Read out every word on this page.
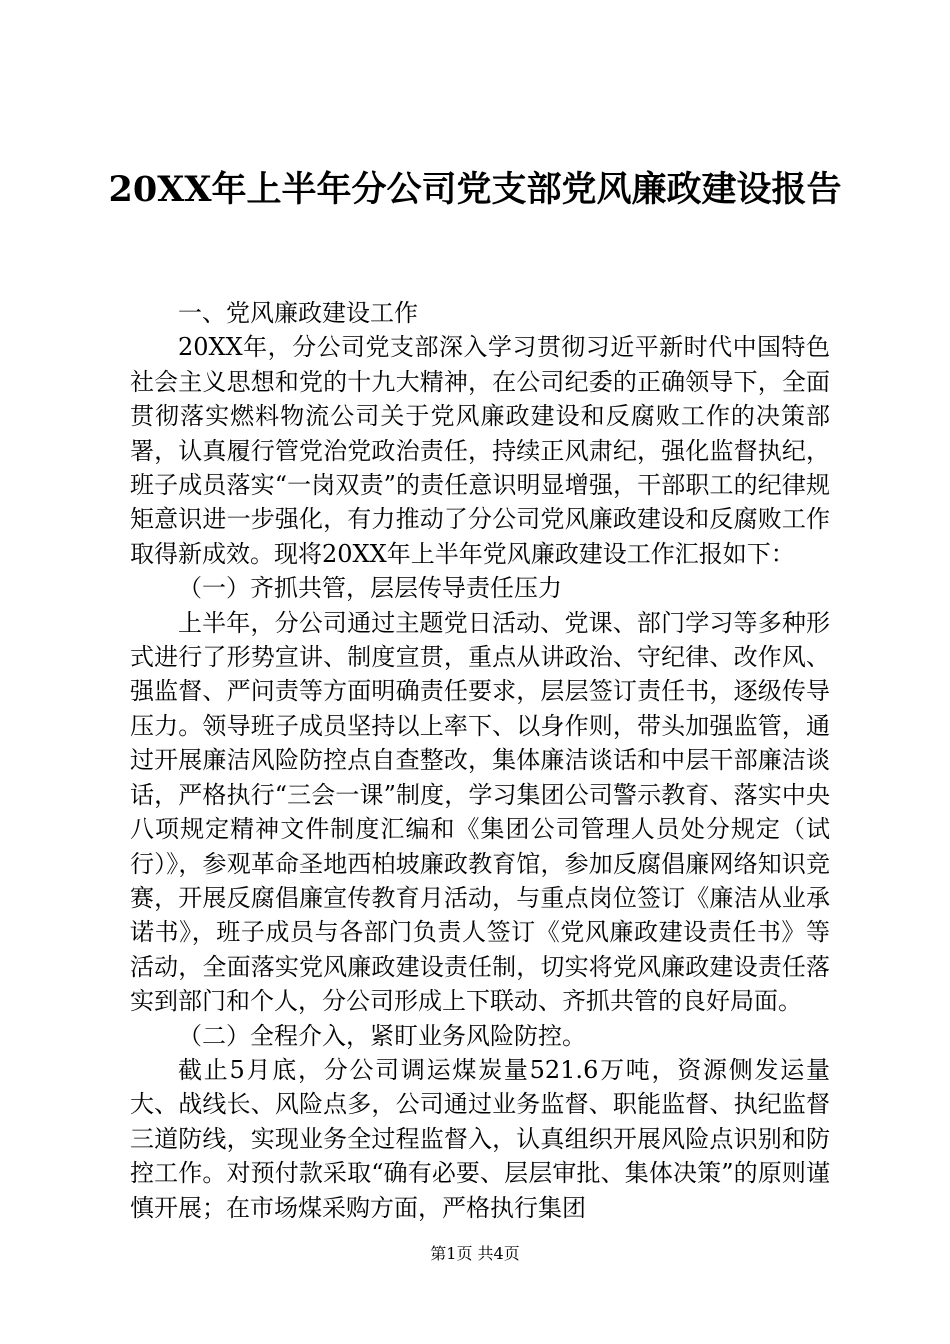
20XX年上半年分公司党支部党风廉政建设报告

一、党风廉政建设工作

20XX年，分公司党支部深入学习贯彻习近平新时代中国特色社会主义思想和党的十九大精神，在公司纪委的正确领导下，全面贯彻落实燃料物流公司关于党风廉政建设和反腐败工作的决策部署，认真履行管党治党政治责任，持续正风肃纪，强化监督执纪，班子成员落实“一岗双责”的责任意识明显增强，干部职工的纪律规矩意识进一步强化，有力推动了分公司党风廉政建设和反腐败工作取得新成效。现将20XX年上半年党风廉政建设工作汇报如下：

（一）齐抓共管，层层传导责任压力

上半年，分公司通过主题党日活动、党课、部门学习等多种形式进行了形势宣讲、制度宣贯，重点从讲政治、守纪律、改作风、强监督、严问责等方面明确责任要求，层层签订责任书，逐级传导压力。领导班子成员坚持以上率下、以身作则，带头加强监管，通过开展廉洁风险防控点自查整改，集体廉洁谈话和中层干部廉洁谈话，严格执行“三会一课”制度，学习集团公司警示教育、落实中央八项规定精神文件制度汇编和《集团公司管理人员处分规定（试行）》，参观革命圣地西柏坡廉政教育馆，参加反腐倡廉网络知识竞赛，开展反腐倡廉宣传教育月活动，与重点岗位签订《廉洁从业承诺书》，班子成员与各部门负责人签订《党风廉政建设责任书》等活动，全面落实党风廉政建设责任制，切实将党风廉政建设责任落实到部门和个人，分公司形成上下联动、齐抓共管的良好局面。

（二）全程介入，紧盯业务风险防控。

截止5月底，分公司调运煤炭量521.6万吨，资源侧发运量大、战线长、风险点多，公司通过业务监督、职能监督、执纪监督三道防线，实现业务全过程监督入，认真组织开展风险点识别和防控工作。对预付款采取“确有必要、层层审批、集体决策”的原则谨慎开展；在市场煤采购方面，严格执行集团

第1页 共4页
